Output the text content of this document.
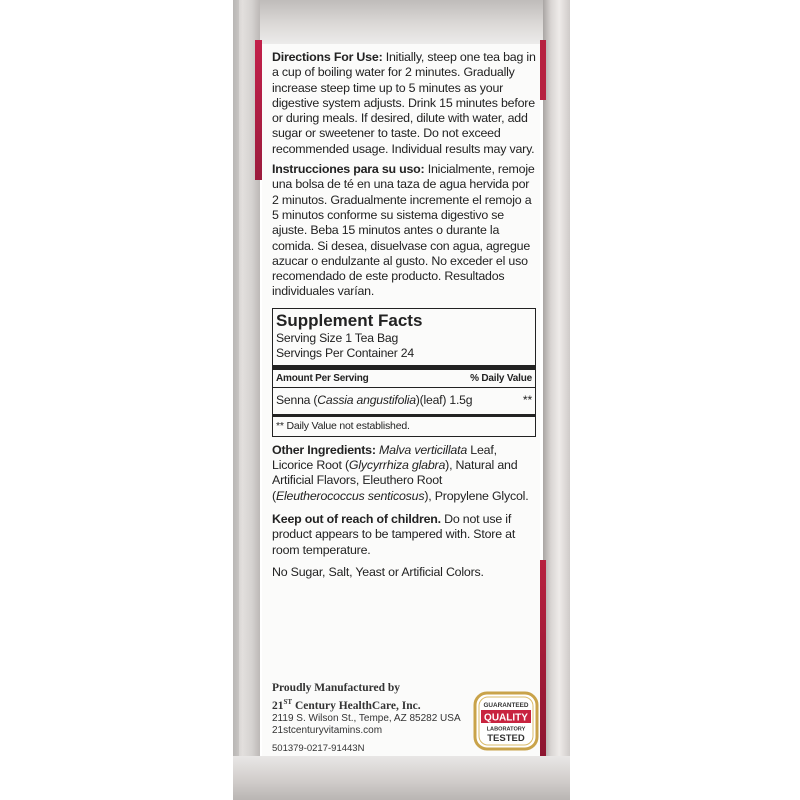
Directions For Use: Initially, steep one tea bag in a cup of boiling water for 2 minutes. Gradually increase steep time up to 5 minutes as your digestive system adjusts. Drink 15 minutes before or during meals. If desired, dilute with water, add sugar or sweetener to taste. Do not exceed recommended usage. Individual results may vary.

Instrucciones para su uso: Inicialmente, remoje una bolsa de té en una taza de agua hervida por 2 minutos. Gradualmente incremente el remojo a 5 minutos conforme su sistema digestivo se ajuste. Beba 15 minutos antes o durante la comida. Si desea, disuelvase con agua, agregue azucar o endulzante al gusto. No exceder el uso recomendado de este producto. Resultados individuales varían.

Supplement Facts
Serving Size 1 Tea Bag
Servings Per Container 24
Amount Per Serving	% Daily Value
Senna (Cassia angustifolia)(leaf) 1.5g	**
** Daily Value not established.

Other Ingredients: Malva verticillata Leaf, Licorice Root (Glycyrrhiza glabra), Natural and Artificial Flavors, Eleuthero Root (Eleutherococcus senticosus), Propylene Glycol.

Keep out of reach of children. Do not use if product appears to be tampered with. Store at room temperature.

No Sugar, Salt, Yeast or Artificial Colors.

Proudly Manufactured by
21ST Century HealthCare, Inc.
2119 S. Wilson St., Tempe, AZ 85282 USA
21stcenturyvitamins.com
501379-0217-91443N
GUARANTEED
QUALITY
LABORATORY
TESTED
